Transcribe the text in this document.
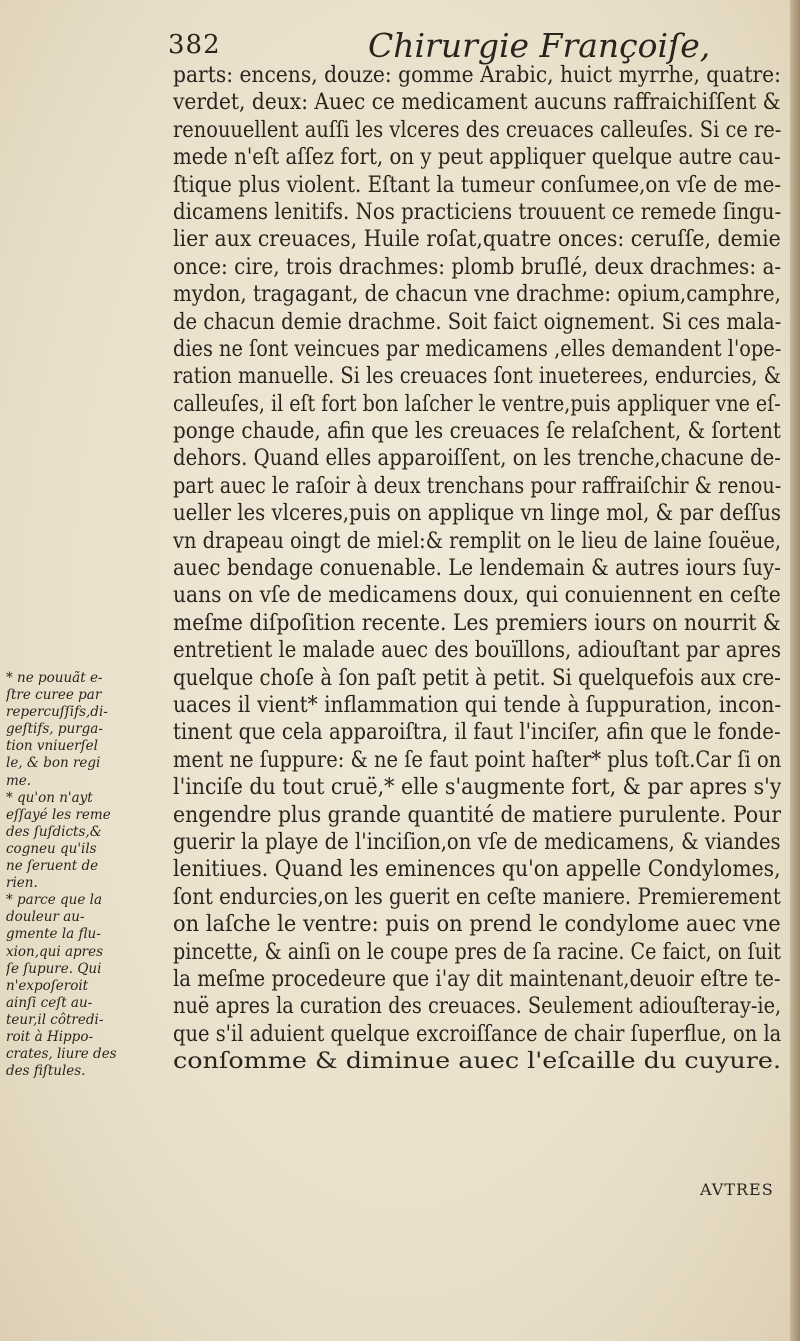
382	Chirurgie Françoiſe,
parts: encens, douze: gomme Arabic, huict myrrhe, quatre:
verdet, deux: Auec ce medicament aucuns raffraichiſſent &
renouuellent auſſi les vlceres des creuaces calleuſes. Si ce re-
mede n'eſt aſſez fort, on y peut appliquer quelque autre cau-
ſtique plus violent. Eſtant la tumeur conſumee,on vſe de me-
dicamens lenitifs. Nos practiciens trouuent ce remede ſingu-
lier aux creuaces, Huile roſat,quatre onces: ceruſſe, demie
once: cire, trois drachmes: plomb bruſlé, deux drachmes: a-
mydon, tragagant, de chacun vne drachme: opium,camphre,
de chacun demie drachme. Soit faict oignement. Si ces mala-
dies ne ſont veincues par medicamens ,elles demandent l'ope-
ration manuelle. Si les creuaces ſont inueterees, endurcies, &
calleuſes, il eſt fort bon laſcher le ventre,puis appliquer vne eſ-
ponge chaude, afin que les creuaces ſe relaſchent, & ſortent
dehors. Quand elles apparoiſſent, on les trenche,chacune de-
part auec le raſoir à deux trenchans pour raffraiſchir & renou-
ueller les vlceres,puis on applique vn linge mol, & par deſſus
vn drapeau oingt de miel:& remplit on le lieu de laine ſouëue,
auec bendage conuenable. Le lendemain & autres iours ſuy-
uans on vſe de medicamens doux, qui conuiennent en ceſte
meſme diſpoſition recente. Les premiers iours on nourrit &
entretient le malade auec des bouïllons, adiouſtant par apres
quelque choſe à ſon paſt petit à petit. Si quelquefois aux cre-
uaces il vient* inflammation qui tende à ſuppuration, incon-
tinent que cela apparoiſtra, il faut l'inciſer, afin que le fonde-
ment ne ſuppure: & ne ſe faut point haſter* plus toſt.Car ſi on
l'inciſe du tout cruë,* elle s'augmente fort, & par apres s'y
engendre plus grande quantité de matiere purulente. Pour
guerir la playe de l'inciſion,on vſe de medicamens, & viandes
lenitiues. Quand les eminences qu'on appelle Condylomes,
ſont endurcies,on les guerit en ceſte maniere. Premierement
on laſche le ventre: puis on prend le condylome auec vne
pincette, & ainſi on le coupe pres de ſa racine. Ce faict, on ſuit
la meſme procedeure que i'ay dit maintenant,deuoir eſtre te-
nuë apres la curation des creuaces. Seulement adiouſteray-ie,
que s'il aduient quelque excroiſſance de chair ſuperflue, on la
conſomme & diminue auec l'eſcaille du cuyure.
* ne pouuãt e-
ſtre curee par
repercuſſifs,di-
geſtifs, purga-
tion vniuerſel
le, & bon regi
me.
* qu'on n'ayt
eſſayé les reme
des ſuſdicts,&
cogneu qu'ils
ne ſeruent de
rien.
* parce que la
douleur au-
gmente la flu-
xion,qui apres
ſe ſupure. Qui
n'expoſeroit
ainſi ceſt au-
teur,il côtredi-
roit à Hippo-
crates, liure des
des fiſtules.
AVTRES
